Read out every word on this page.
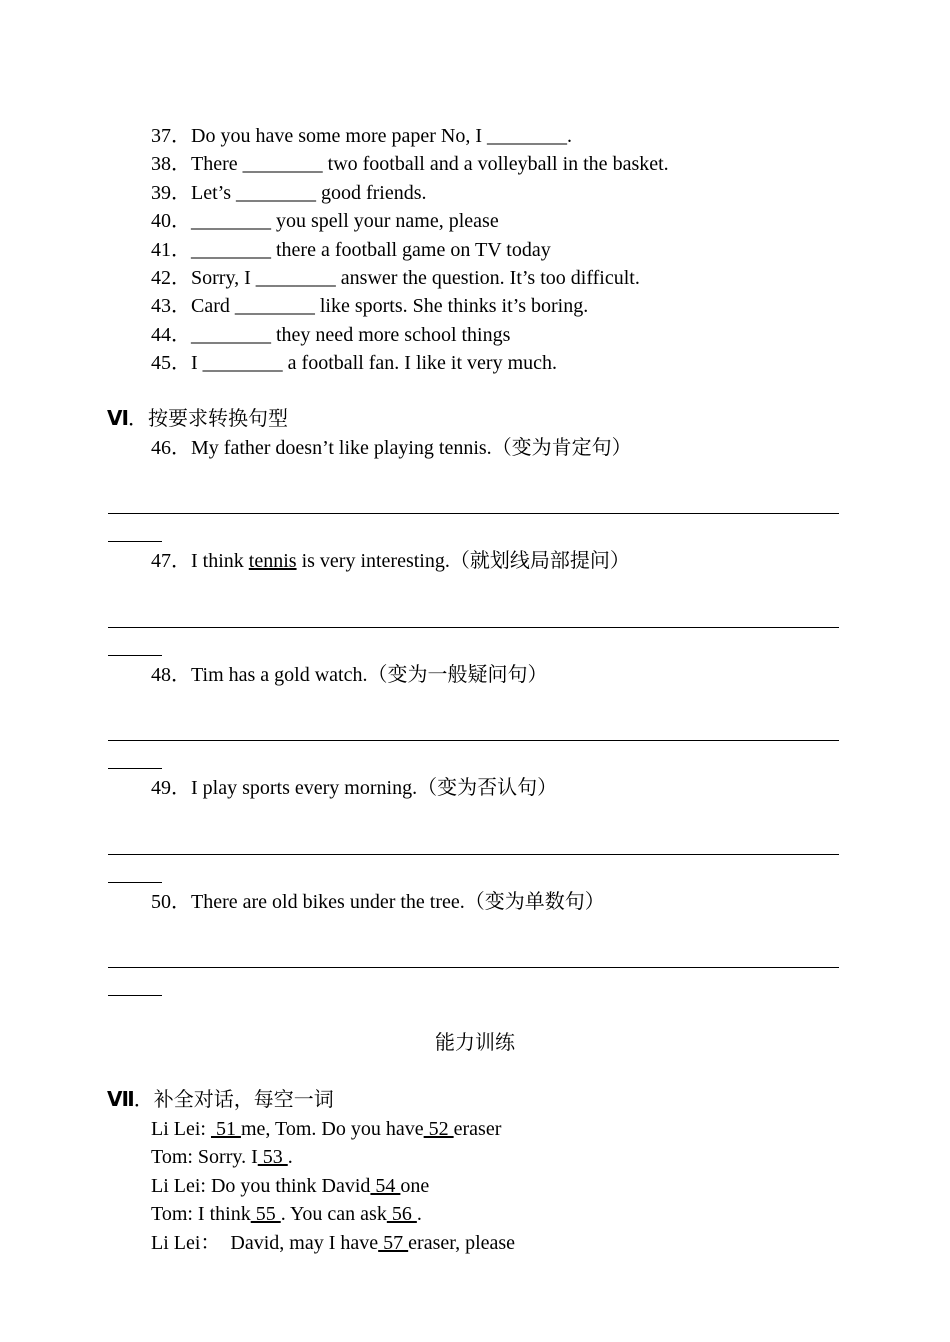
37．Do you have some more paper No, I ________.
38．There ________ two football and a volleyball in the basket.
39．Let’s ________ good friends.
40．________ you spell your name, please
41．________ there a football game on TV today
42．Sorry, I ________ answer the question. It’s too difficult.
43．Card ________ like sports. She thinks it’s boring.
44．________ they need more school things
45．I ________ a football fan. I like it very much.
Ⅵ．按要求转换句型
46．My father doesn’t like playing tennis.（变为肯定句）
47．I think tennis is very interesting.（就划线局部提问）
48．Tim has a gold watch.（变为一般疑问句）
49．I play sports every morning.（变为否认句）
50．There are old bikes under the tree.（变为单数句）
能力训练
Ⅶ．补全对话，每空一词
Li Lei:  51 me, Tom. Do you have 52 eraser
Tom: Sorry. I 53 .
Li Lei: Do you think David 54 one
Tom: I think 55 . You can ask 56 .
Li Lei：  David, may I have 57 eraser, please
